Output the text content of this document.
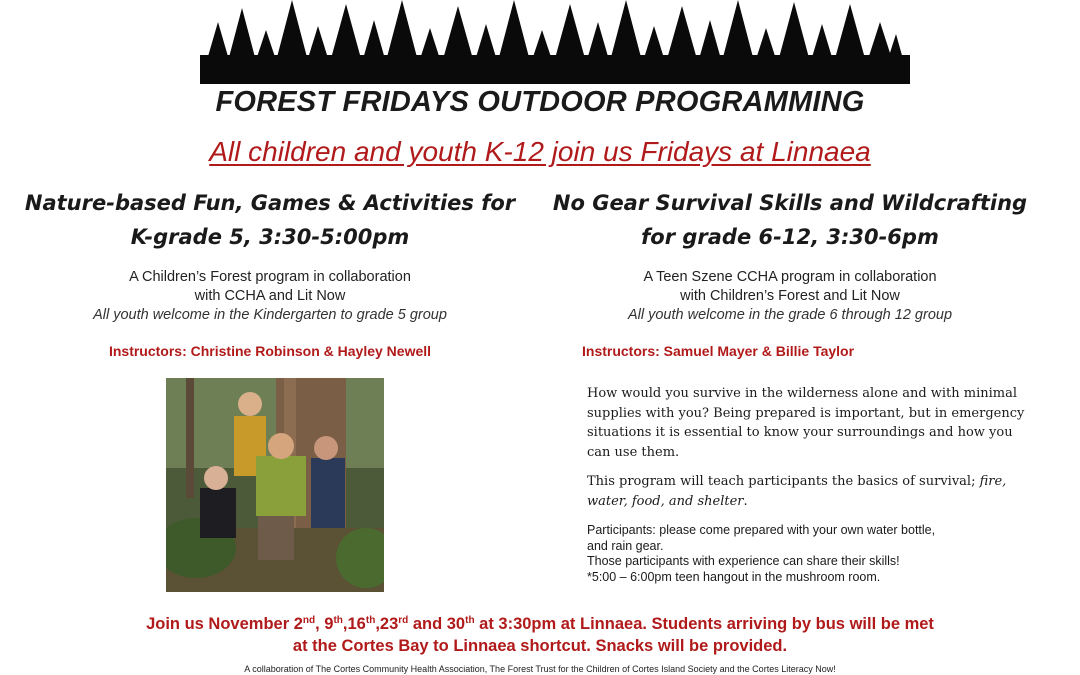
FOREST FRIDAYS OUTDOOR PROGRAMMING
All children and youth K-12 join us Fridays at Linnaea
Nature-based Fun, Games & Activities for
K-grade 5, 3:30-5:00pm
A Children’s Forest program in collaboration
with CCHA and Lit Now
All youth welcome in the Kindergarten to grade 5 group
Instructors: Christine Robinson & Hayley Newell
No Gear Survival Skills and Wildcrafting
for grade 6-12, 3:30-6pm
A Teen Szene CCHA program in collaboration
with Children’s Forest and Lit Now
All youth welcome in the grade 6 through 12 group
Instructors: Samuel Mayer & Billie Taylor

How would you survive in the wilderness alone and with minimal supplies with you? Being prepared is important, but in emergency situations it is essential to know your surroundings and how you can use them.

This program will teach participants the basics of survival; fire, water, food, and shelter.

Participants: please come prepared with your own water bottle,
and rain gear.
Those participants with experience can share their skills!
*5:00 – 6:00pm teen hangout in the mushroom room.
Join us November 2nd, 9th,16th,23rd and 30th at 3:30pm at Linnaea. Students arriving by bus will be met
at the Cortes Bay to Linnaea shortcut. Snacks will be provided.
A collaboration of The Cortes Community Health Association, The Forest Trust for the Children of Cortes Island Society and the Cortes Literacy Now!
